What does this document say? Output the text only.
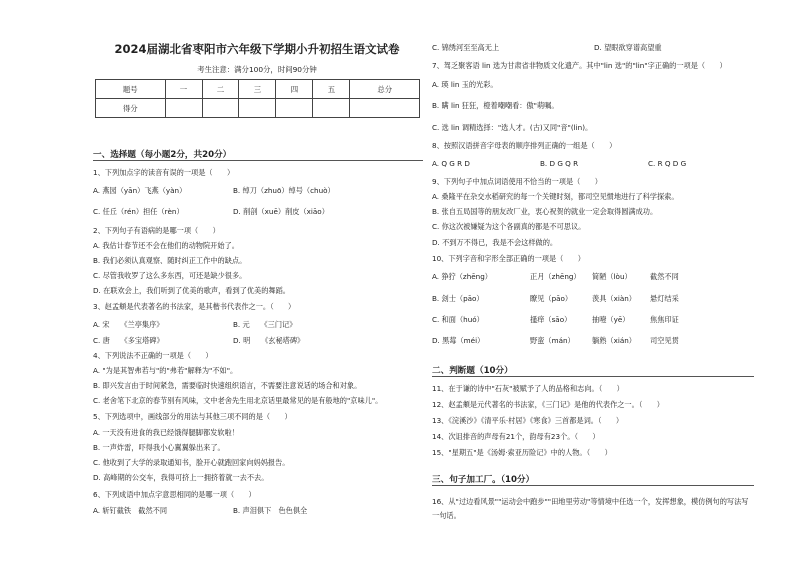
2024届湖北省枣阳市六年级下学期小升初招生语文试卷
考生注意：满分100分，时间90分钟
题号	一	二	三	四	五	总分
得分						
一、选择题（每小题2分，共20分）
1、下列加点字的读音有误的一项是（　　）
A. 燕园（yān）飞燕（yàn）	B. 绰刀（zhuō）绰号（chuò）
C. 任丘（rén）担任（rèn）	D. 削剖（xuē）削皮（xiāo）
2、下列句子有语病的是哪一项（　　）
A. 我估计春节还不会在他们的动物院开始了。
B. 我们必须认真观察、随时纠正工作中的缺点。
C. 尽管我收罗了这么多东西，可还是缺少很多。
D. 在联欢会上，我们听到了优美的歌声，看到了优美的舞蹈。
3、赵孟頫是代表著名的书法家，是其楷书代表作之一。（　　）
A. 宋　　《兰亭集序》	B. 元　　《三门记》
C. 唐　　《多宝塔碑》	D. 明　　《玄秘塔碑》
4、下列说法不正确的一项是（　　）
A. "为是其智弗若与"的"弗若"解释为"不如"。
B. 即兴发言由于时间紧急，需要临时快速组织语言，不需要注意说话的场合和对象。
C. 老舍笔下北京的春节别有风味，文中老舍先生用北京话里最常见的是有般地的"京味儿"。
5、下列选项中，画线部分的用法与其他三项不同的是（　　）
A. 一天没有进食的我已经饿得腿脚都发软啦！
B. 一声炸雷，吓得我小心翼翼躲出来了。
C. 他收到了大学的录取通知书，脸开心就跑回家向妈妈报告。
D. 高峰期的公交车，我得可挤上一拥挤着就一去不去。
6、下列成语中加点字意思相同的是哪一项（　　）
A. 斩钉截铁　截然不同	B. 声泪俱下　色色俱全
C. 锦绣河至至高无上	D. 望眼欲穿谱高望重
7、驾乏聚客语 lin 选为甘肃省非物质文化遗产。其中"lin 选"的"lin"字正确的一项是（　　）
A. 瑛 lin 玉的光彩。
B. 瞒 lin 狂狂，橙着嘲嘲看：傲"萌嘱。
C. 选 lin 调精选择："选人才。(古)又同"音"(lin)。
8、按照汉语拼音字母表的顺序排列正确的一组是（　　）
A. Q G R D	B. D G Q R	C. R Q D G
9、下列句子中加点词语使用不恰当的一项是（　　）
A. 桑隆平在杂交水稻研究的每一个关键时刻，都司空见惯地进行了科学探索。
B. 张自五局国等的朋友改厂业，衷心祝贺的就业一定会取得圆满成功。
C. 你这次被嫌疑为这个各副真的都是不可思议。
D. 不到万不得已，我是不会这样做的。
10、下列字音和字形全部正确的一项是（　　）
A. 狰狞（zhēng）	正月（zhēng） 简陋（lòu）	截然不同
B. 刽士（pāo）	瞭见（pāo）	羡具（xiàn） 悬灯结采
C. 和面（huó）	搔痒（sāo）	抽噎（yē）	焦焦印证
D. 黑莓（méi）	野蛮（mán） 躺熟（xián） 司空见贯
二、判断题（10分）
11、在于谦的诗中"石灰"被赋予了人的品格和志向。（　　）
12、赵孟頫是元代著名的书法家，《三门记》是他的代表作之一。（　　）
13、《浣溪沙》《清平乐·村居》《寒食》三首都是词。（　　）
14、次诅排音的声母有21个，韵母有23个。（　　）
15、"星期五"是《汤姆·索亚历险记》中的人物。（　　）
三、句子加工厂。（10分）
16、从"过边看风景""运动会中跑步""田地里劳动"等情境中任选一个，发挥想象，模仿例句的写法写一句话。
